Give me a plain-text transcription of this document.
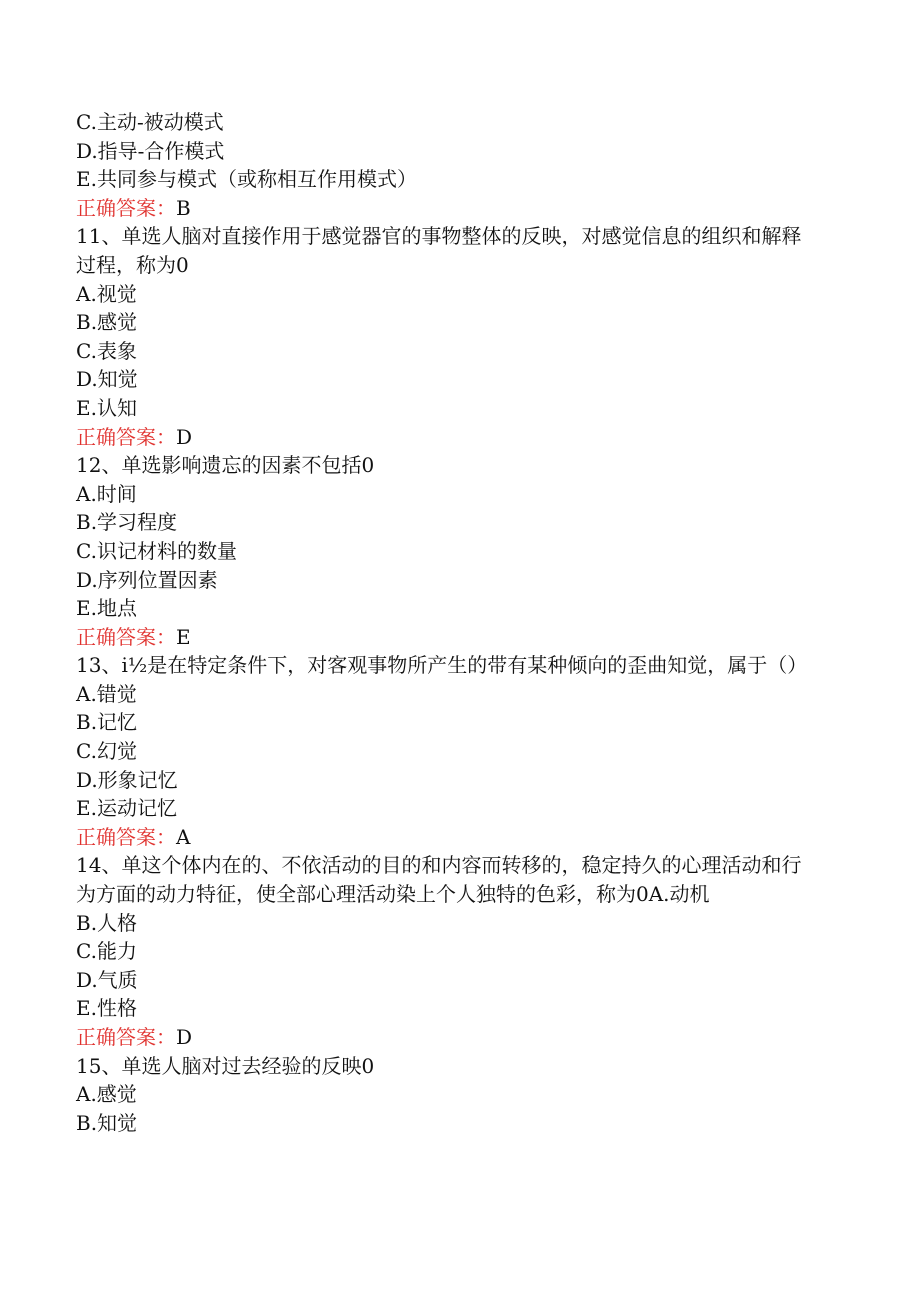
C.主动-被动模式
D.指导-合作模式
E.共同参与模式（或称相互作用模式）
正确答案：B
11、单选人脑对直接作用于感觉器官的事物整体的反映，对感觉信息的组织和解释过程，称为0
A.视觉
B.感觉
C.表象
D.知觉
E.认知
正确答案：D
12、单选影响遗忘的因素不包括0
A.时间
B.学习程度
C.识记材料的数量
D.序列位置因素
E.地点
正确答案：E
13、i½是在特定条件下，对客观事物所产生的带有某种倾向的歪曲知觉，属于（）
A.错觉
B.记忆
C.幻觉
D.形象记忆
E.运动记忆
正确答案：A
14、单这个体内在的、不依活动的目的和内容而转移的，稳定持久的心理活动和行为方面的动力特征，使全部心理活动染上个人独特的色彩，称为0A.动机
B.人格
C.能力
D.气质
E.性格
正确答案：D
15、单选人脑对过去经验的反映0
A.感觉
B.知觉
